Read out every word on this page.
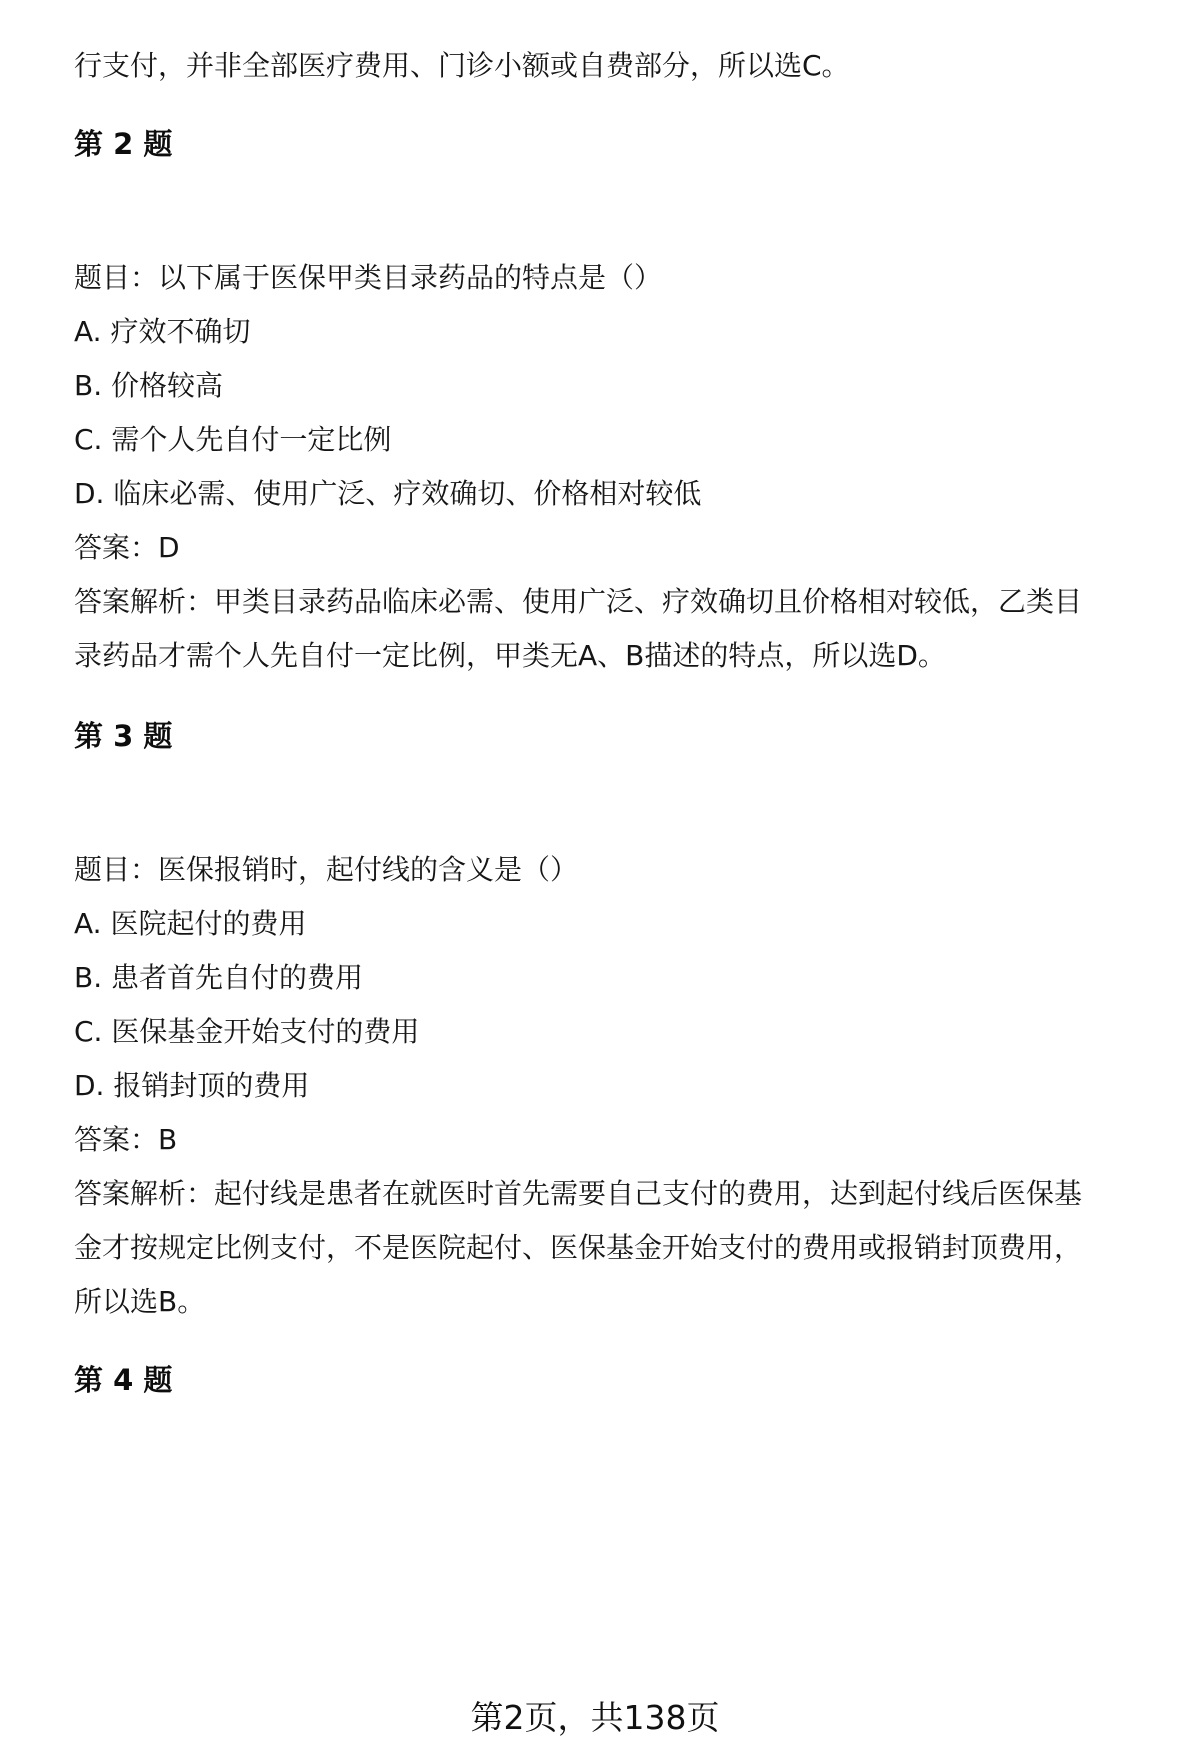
行支付，并非全部医疗费用、门诊小额或自费部分，所以选C。
第 2 题
题目：以下属于医保甲类目录药品的特点是（）
A. 疗效不确切
B. 价格较高
C. 需个人先自付一定比例
D. 临床必需、使用广泛、疗效确切、价格相对较低
答案：D
答案解析：甲类目录药品临床必需、使用广泛、疗效确切且价格相对较低，乙类目
录药品才需个人先自付一定比例，甲类无A、B描述的特点，所以选D。
第 3 题
题目：医保报销时，起付线的含义是（）
A. 医院起付的费用
B. 患者首先自付的费用
C. 医保基金开始支付的费用
D. 报销封顶的费用
答案：B
答案解析：起付线是患者在就医时首先需要自己支付的费用，达到起付线后医保基
金才按规定比例支付，不是医院起付、医保基金开始支付的费用或报销封顶费用，
所以选B。
第 4 题
第2页，共138页
